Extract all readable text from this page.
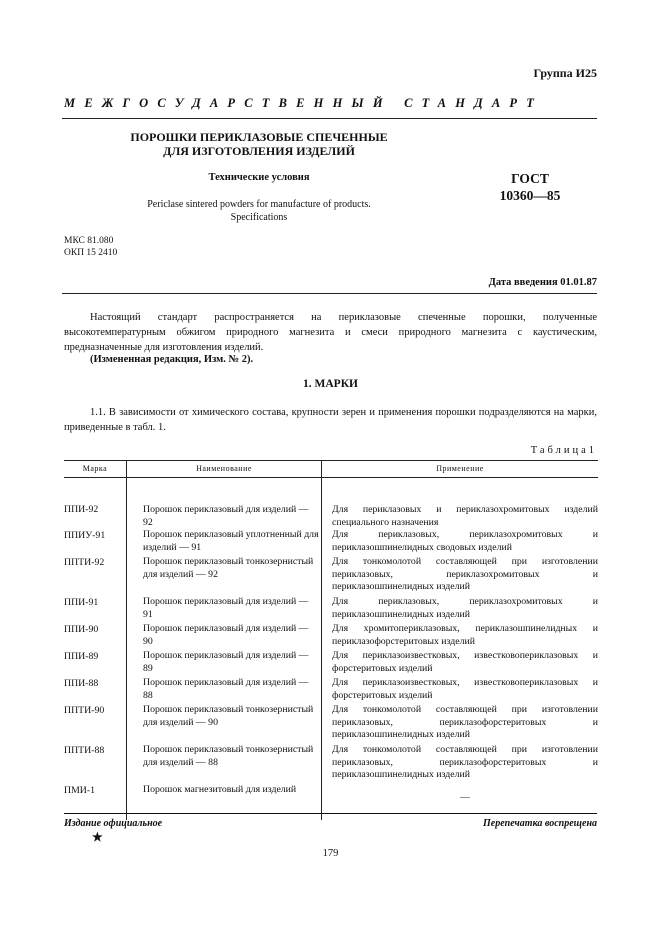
Группа И25
МЕЖГОСУДАРСТВЕННЫЙ СТАНДАРТ
ПОРОШКИ ПЕРИКЛАЗОВЫЕ СПЕЧЕННЫЕ
ДЛЯ ИЗГОТОВЛЕНИЯ ИЗДЕЛИЙ
Технические условия
Periclase sintered powders for manufacture of products.
Specifications
ГОСТ
10360—85
МКС 81.080
ОКП 15 2410
Дата введения 01.01.87
Настоящий стандарт распространяется на периклазовые спеченные порошки, полученные высокотемпературным обжигом природного магнезита и смеси природного магнезита с каустическим, предназначенные для изготовления изделий.
(Измененная редакция, Изм. № 2).
1. МАРКИ
1.1. В зависимости от химического состава, крупности зерен и применения порошки подразделяются на марки, приведенные в табл. 1.
Таблица1
Марка	Наименование	Применение
ППИ-92	Порошок периклазовый для изделий — 92	Для периклазовых и периклазохромитовых изделий специального назначения
ППИУ-91	Порошок периклазовый уплотненный для изделий — 91	Для периклазовых, периклазохромитовых и периклазошпинелидных сводовых изделий
ППТИ-92	Порошок периклазовый тонкозернистый для изделий — 92	Для тонкомолотой составляющей при изготовлении периклазовых, периклазохромитовых и периклазошпинелидных изделий
ППИ-91	Порошок периклазовый для изделий — 91	Для периклазовых, периклазохромитовых и периклазошпинелидных изделий
ППИ-90	Порошок периклазовый для изделий — 90	Для хромитопериклазовых, периклазошпинелидных и периклазофорстеритовых изделий
ППИ-89	Порошок периклазовый для изделий — 89	Для периклазоизвестковых, известковопериклазовых и форстеритовых изделий
ППИ-88	Порошок периклазовый для изделий — 88	Для периклазоизвестковых, известковопериклазовых и форстеритовых изделий
ППТИ-90	Порошок периклазовый тонкозернистый для изделий — 90	Для тонкомолотой составляющей при изготовлении периклазовых, периклазофорстеритовых и периклазошпинелидных изделий
ППТИ-88	Порошок периклазовый тонкозернистый для изделий — 88	Для тонкомолотой составляющей при изготовлении периклазовых, периклазофорстеритовых и периклазошпинелидных изделий
ПМИ-1	Порошок магнезитовый для изделий	—
Издание официальное
★
Перепечатка воспрещена
179
